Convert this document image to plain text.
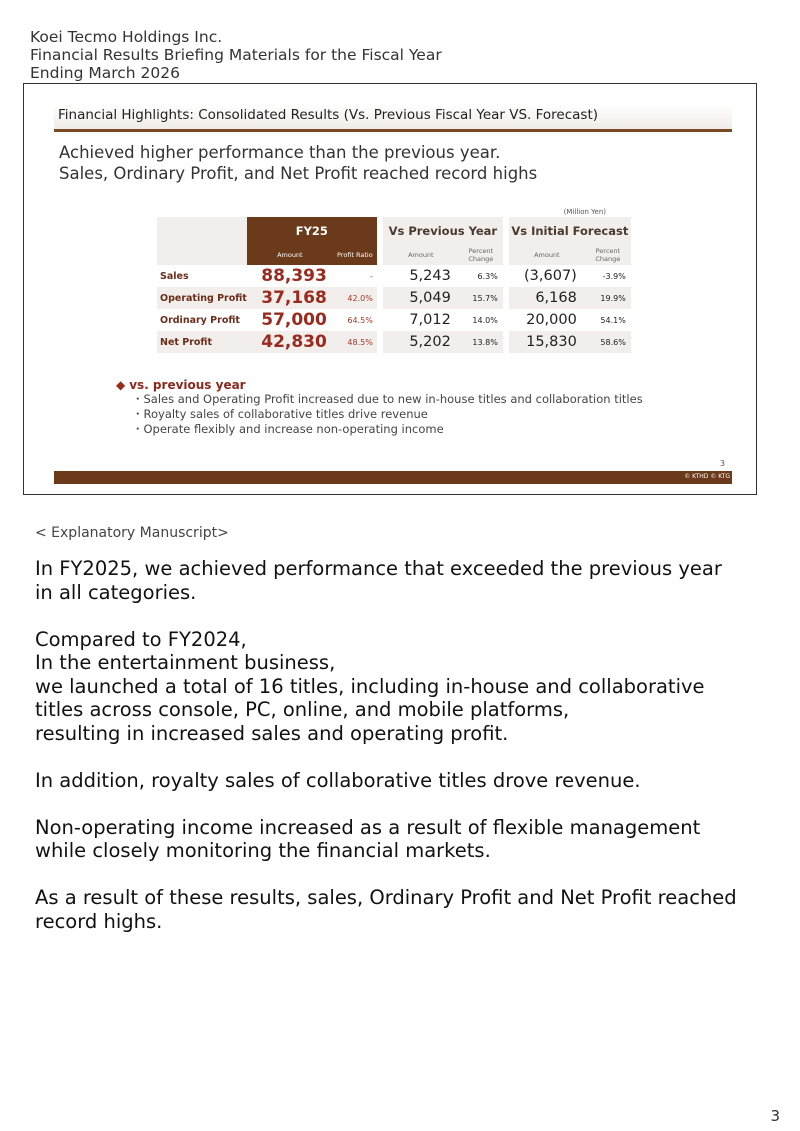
Koei Tecmo Holdings Inc.
Financial Results Briefing Materials for the Fiscal Year
Ending March 2026
Financial Highlights: Consolidated Results (Vs. Previous Fiscal Year VS. Forecast)
Achieved higher performance than the previous year.
Sales, Ordinary Profit, and Net Profit reached record highs
(Million Yen)
	FY25			Vs Previous Year			Vs Initial Forecast	
	Amount	Profit Ratio		Amount	Percent Change		Amount	Percent Change
Sales	88,393	-		5,243	6.3%		(3,607)	-3.9%
Operating Profit	37,168	42.0%		5,049	15.7%		6,168	19.9%
Ordinary Profit	57,000	64.5%		7,012	14.0%		20,000	54.1%
Net Profit	42,830	48.5%		5,202	13.8%		15,830	58.6%
◆ vs. previous year
・Sales and Operating Profit increased due to new in-house titles and collaboration titles
・Royalty sales of collaborative titles drive revenue
・Operate flexibly and increase non-operating income
3
© KTHD © KTG
< Explanatory Manuscript>

In FY2025, we achieved performance that exceeded the previous year
in all categories.

Compared to FY2024,
In the entertainment business,
we launched a total of 16 titles, including in-house and collaborative
titles across console, PC, online, and mobile platforms,
resulting in increased sales and operating profit.

In addition, royalty sales of collaborative titles drove revenue.

Non-operating income increased as a result of flexible management
while closely monitoring the financial markets.

As a result of these results, sales, Ordinary Profit and Net Profit reached
record highs.

3
